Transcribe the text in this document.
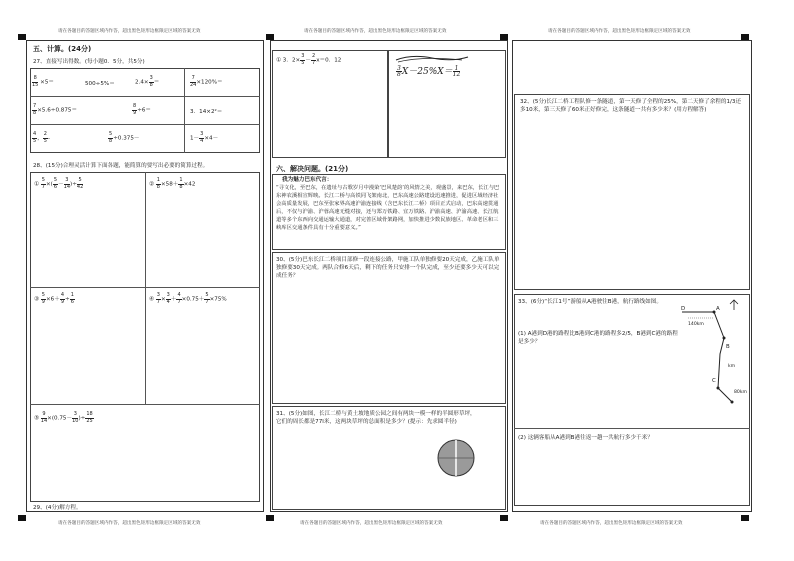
请在各题目的答题区域内作答，超出黑色矩形边框限定区域的答案无效	请在各题目的答题区域内作答，超出黑色矩形边框限定区域的答案无效	请在各题目的答题区域内作答，超出黑色矩形边框限定区域的答案无效
请在各题目的答题区域内作答，超出黑色矩形边框限定区域的答案无效	请在各题目的答题区域内作答，超出黑色矩形边框限定区域的答案无效	请在各题目的答题区域内作答，超出黑色矩形边框限定区域的答案无效
五、计算。(24分)
27、直接写出得数。(每小题0．5分，共5分)
$\frac{8}{15} \times 5=$	500÷5%＝	$2.4\times \frac{3}{8}$ ＝	$\frac{7}{24} \times 120\%=$
$\frac{7}{8} \times 5.6\div 0.875=$	$\frac{8}{9} \div 6=$	3．14×2²＝
$\frac{4}{5}$ ， $\frac{2}{5}$ -	$\frac{5}{8} \div 0.375-$	$1- \frac{3}{4} \times 4-$
28、(15分)合理灵活计算下面各题，能简算的要写出必要的简算过程。
① $\frac{5}{7}$ ×( $\frac{5}{6} - \frac{3}{14}$ )÷ $\frac{5}{42}$	② $\frac{1}{8} \times 58+ \frac{1}{8} \times 42$
③ $\frac{5}{9} \times 6+ \frac{4}{9} \div \frac{1}{6}$	④ $\frac{3}{7} \times \frac{3}{4} + \frac{4}{7} \times 0.75+ \frac{5}{7} \times 75\%$
⑤ $\frac{9}{14} \times(0.75- \frac{3}{10}$ )÷ $\frac{18}{25}$
29、(4分)解方程。
① 3．$2\times \frac{3}{5} - \frac{2}{7} x=0$．12
$\frac{3}{8} X-25\%X= \frac{1}{12}$
六、解决问题。(21分)
我为魅力巴东代言：
“寻文化，至巴东，在遗址与古歌岁月中漫染‘巴风楚韵’的风情之美，观盛景，来巴东，长江与巴东神农溪相宣辉映。长江二桥与高铁同飞架南北，巴东高速公路建设迅速推进，促进区域经济社会高质量发展，巴东至张家界高速沪渝连接线（含巴东长江二桥）项目正式启动，巴东高速贯通后，不仅与沪渝、沪蓉高速无缝对接，还与郑万铁路、宜万铁路、沪渝高速、沪渝高速、长江航道等多个东西向交通运输大通道，对完善区域骨架路网，加快推进少数民族地区、革命老区和三峡库区交通条件具有十分重要意义。”
30、(5分)巴东长江二桥项目部修一段连接公路，甲施工队单独修要20天完成，乙施工队单独修要30天完成。两队合修6天后，剩下的任务只安排一个队完成，至少还要多少天可以完成任务？
31、(5分)如图，长江二桥与黄土坡地质公园之间有两块一模一样的半圆形草坪，它们的周长都是77l米，这两块草坪的总面积是多少？(提示：先求圆半径)
32、(5分)长江二桥工程队修一条隧道，第一天修了全程的25%，第二天修了余程的1/3还多10米，第三天修了60米正好修完，这条隧道一共有多少米？(用方程解答)
33、(6分)“长江1号”游船从A港驶往B港，航行路线如图。
(1) A港到D港的路程比B港到C港的路程多2/5，B港到C港的路程是多少？
(2) 这辆客船从A港到B港往返一趟一共航行多少千米？
D	A
140km
B
km
C
80km
